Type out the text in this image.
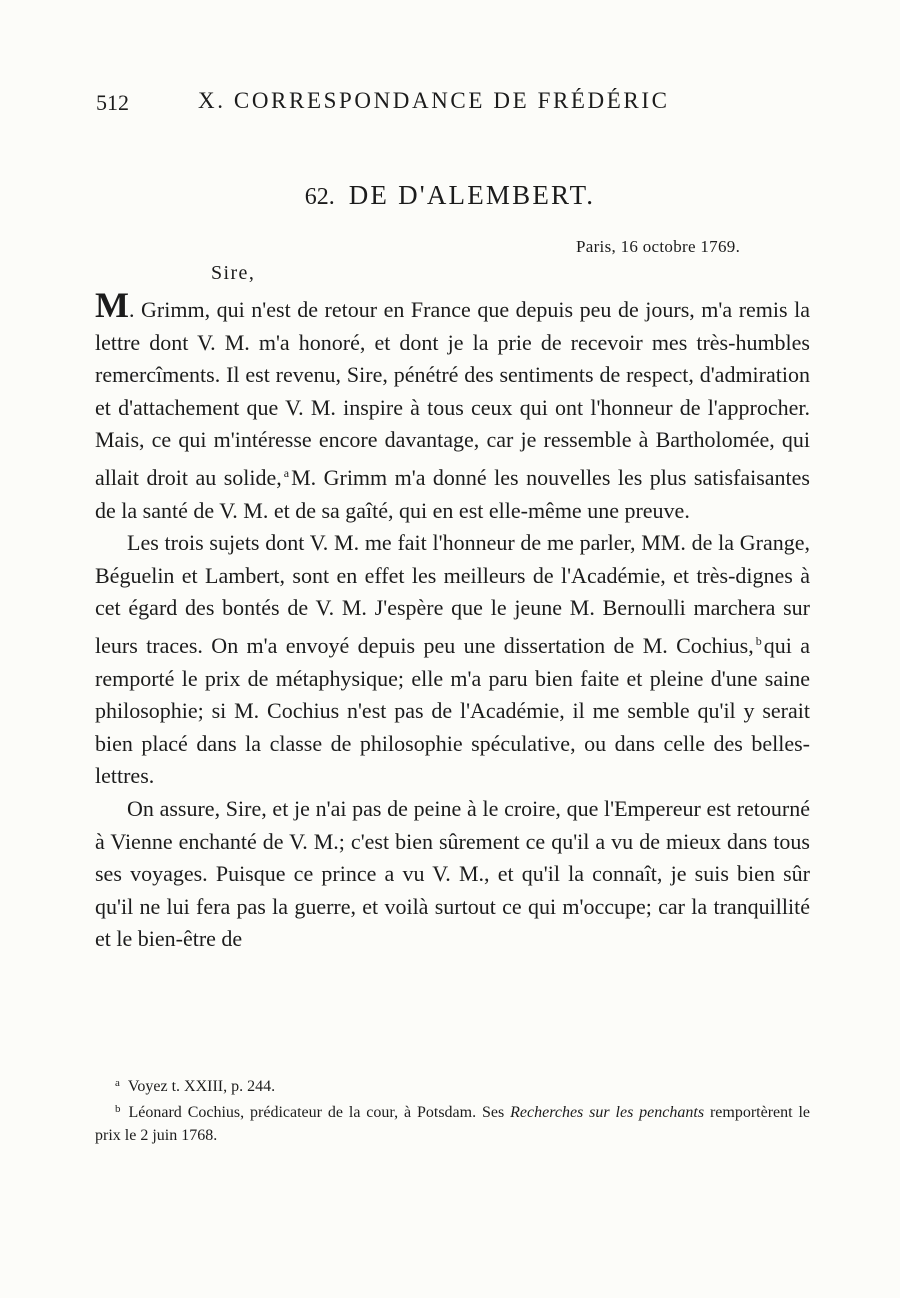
512	X. CORRESPONDANCE DE FRÉDÉRIC
62. DE D'ALEMBERT.
Paris, 16 octobre 1769.
Sire,

M. Grimm, qui n'est de retour en France que depuis peu de jours, m'a remis la lettre dont V. M. m'a honoré, et dont je la prie de recevoir mes très-humbles remercîments. Il est revenu, Sire, pénétré des sentiments de respect, d'admiration et d'attachement que V. M. inspire à tous ceux qui ont l'honneur de l'approcher. Mais, ce qui m'intéresse encore davantage, car je ressemble à Bartholomée, qui allait droit au solide, $^a$M. Grimm m'a donné les nouvelles les plus satisfaisantes de la santé de V. M. et de sa gaîté, qui en est elle-même une preuve.

Les trois sujets dont V. M. me fait l'honneur de me parler, MM. de la Grange, Béguelin et Lambert, sont en effet les meilleurs de l'Académie, et très-dignes à cet égard des bontés de V. M. J'espère que le jeune M. Bernoulli marchera sur leurs traces. On m'a envoyé depuis peu une dissertation de M. Cochius, $^b$qui a remporté le prix de métaphysique; elle m'a paru bien faite et pleine d'une saine philosophie; si M. Cochius n'est pas de l'Académie, il me semble qu'il y serait bien placé dans la classe de philosophie spéculative, ou dans celle des belles-lettres.

On assure, Sire, et je n'ai pas de peine à le croire, que l'Empereur est retourné à Vienne enchanté de V. M.; c'est bien sûrement ce qu'il a vu de mieux dans tous ses voyages. Puisque ce prince a vu V. M., et qu'il la connaît, je suis bien sûr qu'il ne lui fera pas la guerre, et voilà surtout ce qui m'occupe; car la tranquillité et le bien-être de

$^a$ Voyez t. XXIII, p. 244.

$^b$ Léonard Cochius, prédicateur de la cour, à Potsdam. Ses Recherches sur les penchants remportèrent le prix le 2 juin 1768.
